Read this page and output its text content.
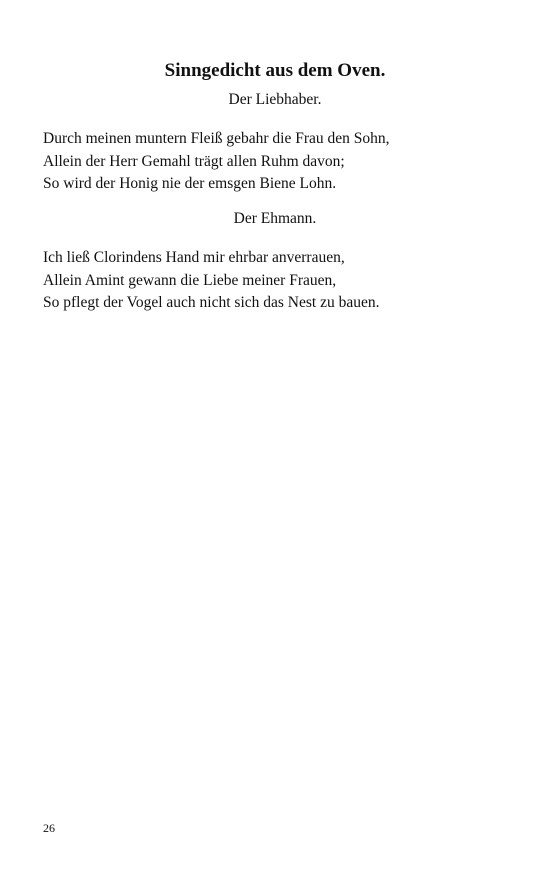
Sinngedicht aus dem Oven.
Der Liebhaber.
Durch meinen muntern Fleiß gebahr die Frau den Sohn,
Allein der Herr Gemahl trägt allen Ruhm davon;
So wird der Honig nie der emsgen Biene Lohn.
Der Ehmann.
Ich ließ Clorindens Hand mir ehrbar anverrauen,
Allein Amint gewann die Liebe meiner Frauen,
So pflegt der Vogel auch nicht sich das Nest zu bauen.
26
